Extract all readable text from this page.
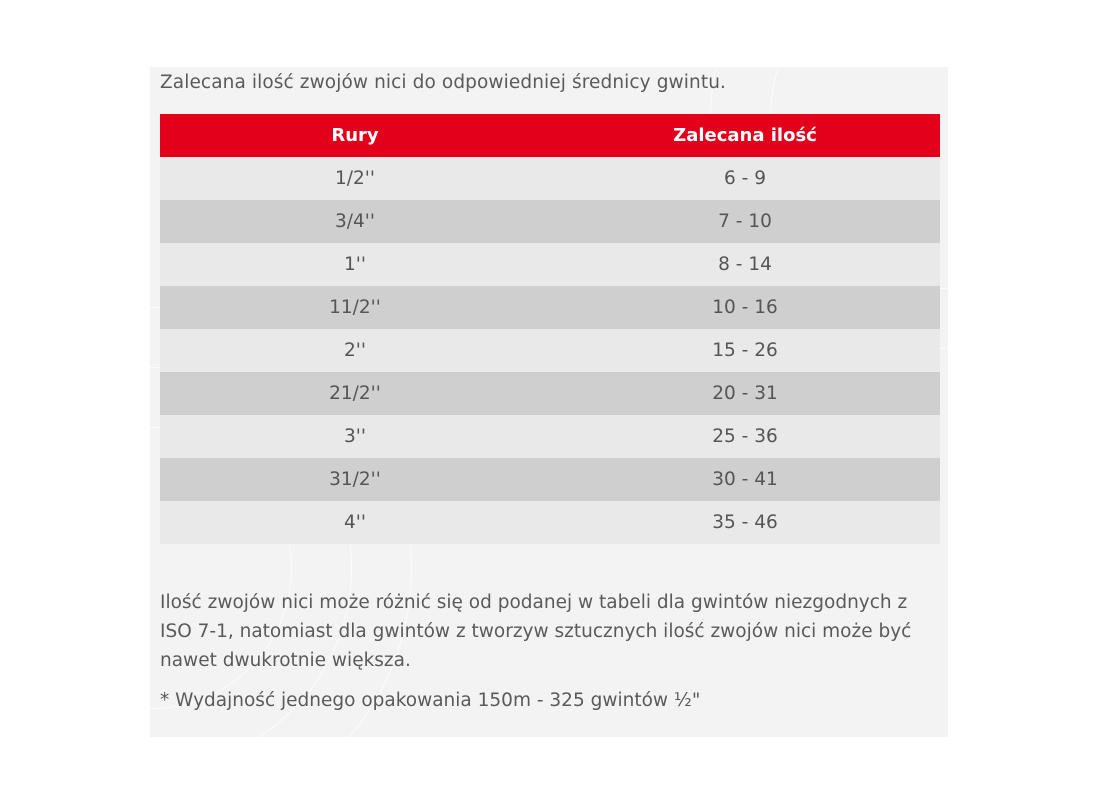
Zalecana ilość zwojów nici do odpowiedniej średnicy gwintu.
Rury	Zalecana ilość
1/2''	6 - 9
3/4''	7 - 10
1''	8 - 14
11/2''	10 - 16
2''	15 - 26
21/2''	20 - 31
3''	25 - 36
31/2''	30 - 41
4''	35 - 46
Ilość zwojów nici może różnić się od podanej w tabeli dla gwintów niezgodnych z ISO 7-1, natomiast dla gwintów z tworzyw sztucznych ilość zwojów nici może być nawet dwukrotnie większa.
* Wydajność jednego opakowania 150m - 325 gwintów ½"
